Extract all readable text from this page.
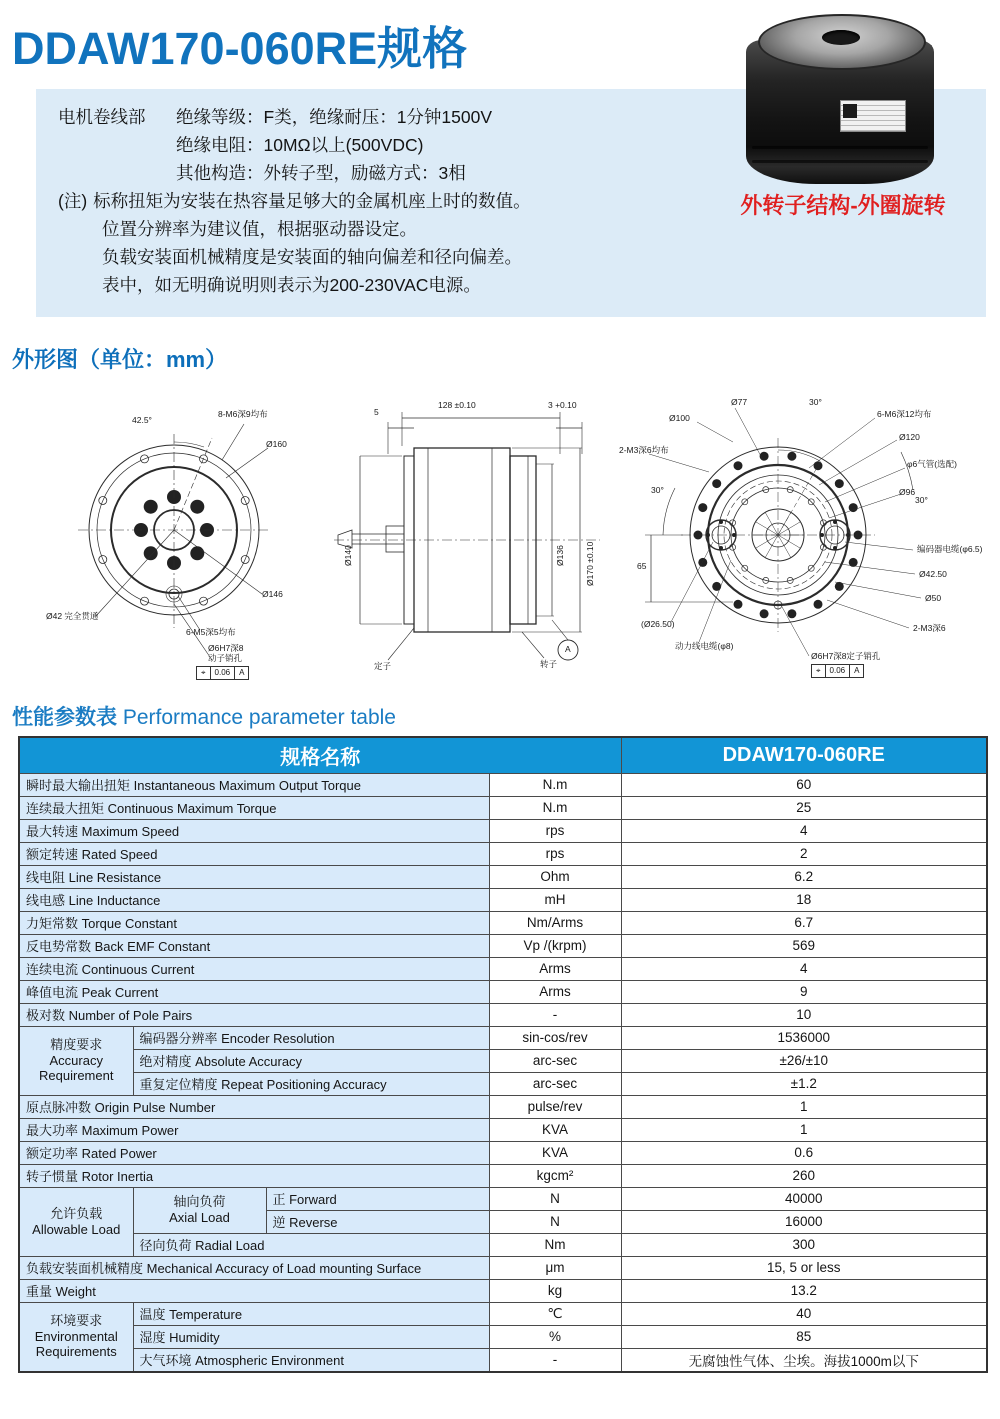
DDAW170-060RE规格
电机卷线部 绝缘等级：F类，绝缘耐压：1分钟1500V
绝缘电阻：10MΩ以上(500VDC)
其他构造：外转子型，励磁方式：3相
(注) 标称扭矩为安装在热容量足够大的金属机座上时的数值。
位置分辨率为建议值，根据驱动器设定。
负载安装面机械精度是安装面的轴向偏差和径向偏差。
表中，如无明确说明则表示为200-230VAC电源。
外转子结构-外圈旋转
外形图（单位：mm）
42.5°
8-M6深9均布
Ø160
Ø146
Ø42 完全贯通
6-M5深5均布
Ø6H7深8
动子销孔
⌖	0.06	A
128 ±0.10
5
3 +0.10
Ø140	Ø136 Ø170 ±0.10
定子	转子
A
Ø77	30°
6-M6深12均布
Ø100
Ø120
2-M3深6均布
φ6气管(选配)
Ø96
30°
30°
65
编码器电缆(φ6.5)
Ø42.50
Ø50
2-M3深6
(Ø26.50)
动力线电缆(φ8)
Ø6H7深8定子销孔
⌖	0.06	A
性能参数表 Performance parameter table
规格名称				DDAW170-060RE
瞬时最大输出扭矩 Instantaneous Maximum Output Torque			N.m	60
连续最大扭矩 Continuous Maximum Torque			N.m	25
最大转速 Maximum Speed			rps	4
额定转速 Rated Speed			rps	2
线电阻 Line Resistance			Ohm	6.2
线电感 Line Inductance			mH	18
力矩常数 Torque Constant			Nm/Arms	6.7
反电势常数 Back EMF Constant			Vp /(krpm)	569
连续电流 Continuous Current			Arms	4
峰值电流 Peak Current			Arms	9
极对数 Number of Pole Pairs			-	10
精度要求
Accuracy
Requirement	编码器分辨率 Encoder Resolution		sin-cos/rev	1536000
	绝对精度 Absolute Accuracy		arc-sec	±26/±10
	重复定位精度 Repeat Positioning Accuracy		arc-sec	±1.2
原点脉冲数 Origin Pulse Number			pulse/rev	1
最大功率 Maximum Power			KVA	1
额定功率 Rated Power			KVA	0.6
转子惯量 Rotor Inertia			kgcm²	260
允许负载
Allowable Load	轴向负荷
Axial Load	正 Forward	N	40000
		逆 Reverse	N	16000
	径向负荷 Radial Load		Nm	300
负载安装面机械精度 Mechanical Accuracy of Load mounting Surface			μm	15, 5 or less
重量 Weight			kg	13.2
环境要求
Environmental
Requirements	温度 Temperature		℃	40
	湿度 Humidity		%	85
	大气环境 Atmospheric Environment		-	无腐蚀性气体、尘埃。海拔1000m以下
